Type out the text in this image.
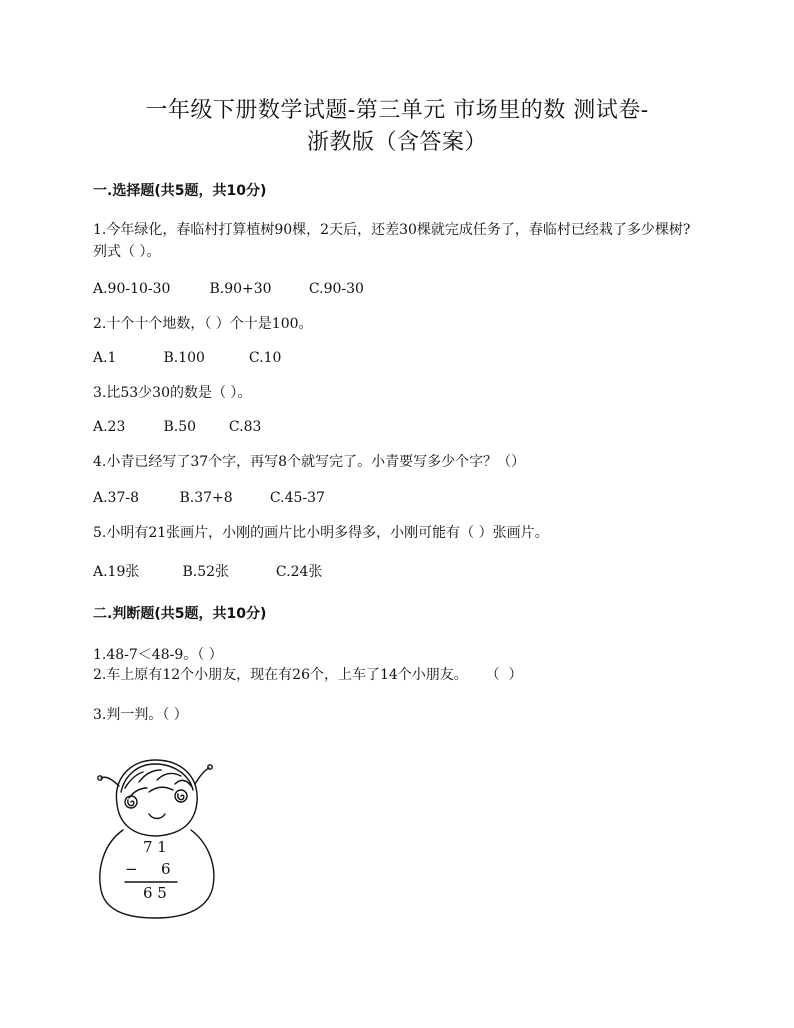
一年级下册数学试题-第三单元 市场里的数 测试卷-
浙教版（含答案）
一.选择题(共5题，共10分)
1.今年绿化，春临村打算植树90棵，2天后，还差30棵就完成任务了，春临村已经栽了多少棵树?列式（ ）。
A.90-10-30	B.90+30	C.90-30
2.十个十个地数，（ ）个十是100。
A.1	B.100	C.10
3.比53少30的数是（ ）。
A.23	B.50 C.83
4.小青已经写了37个字，再写8个就写完了。小青要写多少个字？（）
A.37-8	B.37+8	C.45-37
5.小明有21张画片，小刚的画片比小明多得多，小刚可能有（ ）张画片。
A.19张	B.52张	C.24张
二.判断题(共5题，共10分)
1.48-7＜48-9。（ ）
2.车上原有12个小朋友，现在有26个，上车了14个小朋友。    （  ）
3.判一判。（ ）
7 1
− 6
6 5
